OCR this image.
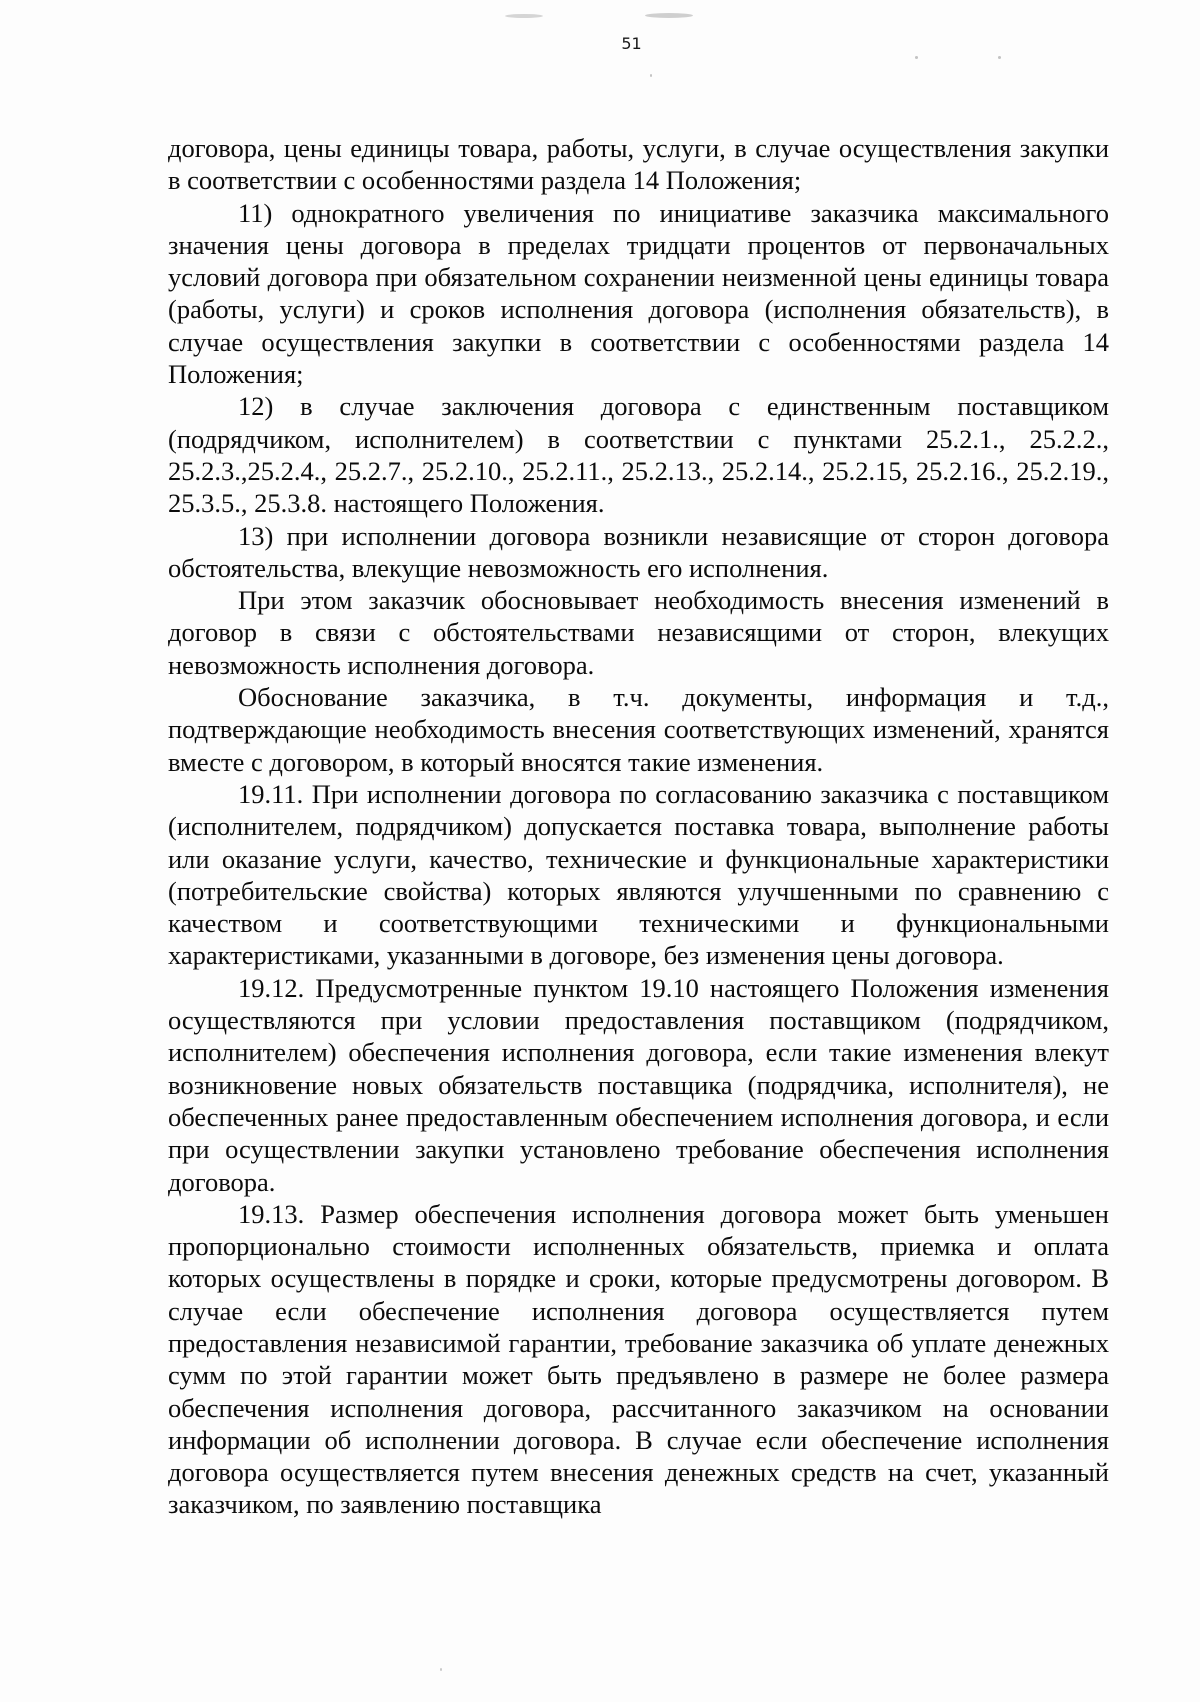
51

договора, цены единицы товара, работы, услуги, в случае осуществления закупки в соответствии с особенностями раздела 14 Положения;

11) однократного увеличения по инициативе заказчика максимального значения цены договора в пределах тридцати процентов от первоначальных условий договора при обязательном сохранении неизменной цены единицы товара (работы, услуги) и сроков исполнения договора (исполнения обязательств), в случае осуществления закупки в соответствии с особенностями раздела 14 Положения;

12) в случае заключения договора с единственным поставщиком (подрядчиком, исполнителем) в соответствии с пунктами 25.2.1., 25.2.2., 25.2.3.,25.2.4., 25.2.7., 25.2.10., 25.2.11., 25.2.13., 25.2.14., 25.2.15, 25.2.16., 25.2.19., 25.3.5., 25.3.8. настоящего Положения.

13) при исполнении договора возникли независящие от сторон договора обстоятельства, влекущие невозможность его исполнения.

При этом заказчик обосновывает необходимость внесения изменений в договор в связи с обстоятельствами независящими от сторон, влекущих невозможность исполнения договора.

Обоснование заказчика, в т.ч. документы, информация и т.д., подтверждающие необходимость внесения соответствующих изменений, хранятся вместе с договором, в который вносятся такие изменения.

19.11. При исполнении договора по согласованию заказчика с поставщиком (исполнителем, подрядчиком) допускается поставка товара, выполнение работы или оказание услуги, качество, технические и функциональные характеристики (потребительские свойства) которых являются улучшенными по сравнению с качеством и соответствующими техническими и функциональными характеристиками, указанными в договоре, без изменения цены договора.

19.12. Предусмотренные пунктом 19.10 настоящего Положения изменения осуществляются при условии предоставления поставщиком (подрядчиком, исполнителем) обеспечения исполнения договора, если такие изменения влекут возникновение новых обязательств поставщика (подрядчика, исполнителя), не обеспеченных ранее предоставленным обеспечением исполнения договора, и если при осуществлении закупки установлено требование обеспечения исполнения договора.

19.13. Размер обеспечения исполнения договора может быть уменьшен пропорционально стоимости исполненных обязательств, приемка и оплата которых осуществлены в порядке и сроки, которые предусмотрены договором. В случае если обеспечение исполнения договора осуществляется путем предоставления независимой гарантии, требование заказчика об уплате денежных сумм по этой гарантии может быть предъявлено в размере не более размера обеспечения исполнения договора, рассчитанного заказчиком на основании информации об исполнении договора. В случае если обеспечение исполнения договора осуществляется путем внесения денежных средств на счет, указанный заказчиком, по заявлению поставщика
